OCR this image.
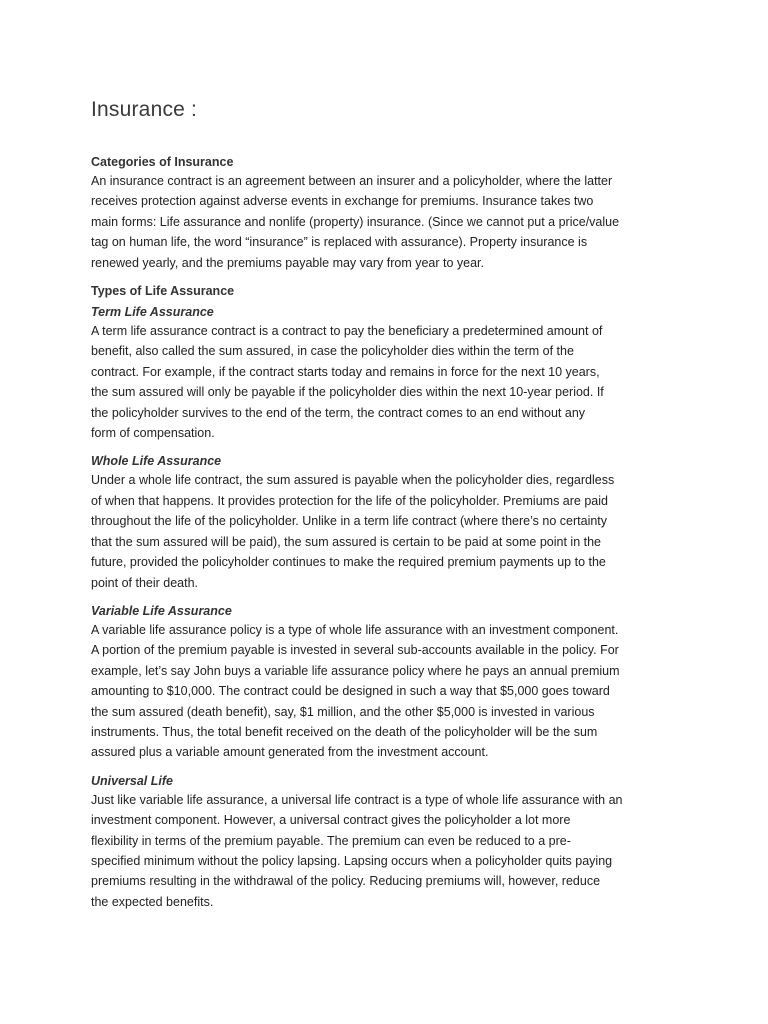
Insurance :
Categories of Insurance
An insurance contract is an agreement between an insurer and a policyholder, where the latter
receives protection against adverse events in exchange for premiums. Insurance takes two
main forms: Life assurance and nonlife (property) insurance. (Since we cannot put a price/value
tag on human life, the word “insurance” is replaced with assurance). Property insurance is
renewed yearly, and the premiums payable may vary from year to year.
Types of Life Assurance
Term Life Assurance
A term life assurance contract is a contract to pay the beneficiary a predetermined amount of
benefit, also called the sum assured, in case the policyholder dies within the term of the
contract. For example, if the contract starts today and remains in force for the next 10 years,
the sum assured will only be payable if the policyholder dies within the next 10-year period. If
the policyholder survives to the end of the term, the contract comes to an end without any
form of compensation.
Whole Life Assurance
Under a whole life contract, the sum assured is payable when the policyholder dies, regardless
of when that happens. It provides protection for the life of the policyholder. Premiums are paid
throughout the life of the policyholder. Unlike in a term life contract (where there’s no certainty
that the sum assured will be paid), the sum assured is certain to be paid at some point in the
future, provided the policyholder continues to make the required premium payments up to the
point of their death.
Variable Life Assurance
A variable life assurance policy is a type of whole life assurance with an investment component.
A portion of the premium payable is invested in several sub-accounts available in the policy. For
example, let’s say John buys a variable life assurance policy where he pays an annual premium
amounting to $10,000. The contract could be designed in such a way that $5,000 goes toward
the sum assured (death benefit), say, $1 million, and the other $5,000 is invested in various
instruments. Thus, the total benefit received on the death of the policyholder will be the sum
assured plus a variable amount generated from the investment account.
Universal Life
Just like variable life assurance, a universal life contract is a type of whole life assurance with an
investment component. However, a universal contract gives the policyholder a lot more
flexibility in terms of the premium payable. The premium can even be reduced to a pre-
specified minimum without the policy lapsing. Lapsing occurs when a policyholder quits paying
premiums resulting in the withdrawal of the policy. Reducing premiums will, however, reduce
the expected benefits.
